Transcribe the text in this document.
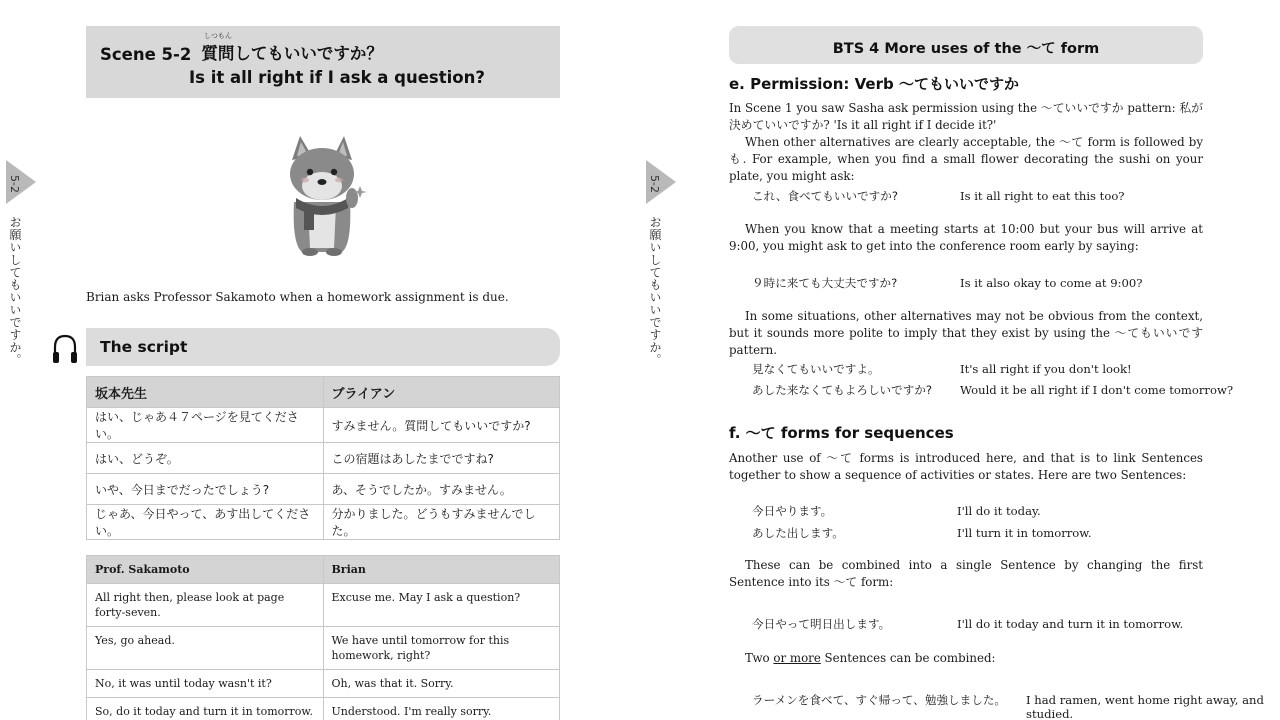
5-2
お願いしてもいいですか。
Scene 5-2
しつもん
質問 してもいいですか？
Is it all right if I ask a question?
Brian asks Professor Sakamoto when a homework assignment is due.
The script
坂本先生	ブライアン
はい、じゃあ４７ページを見てください。	すみません。質問してもいいですか?
はい、どうぞ。	この宿題はあしたまでですね?
いや、今日までだったでしょう?	あ、そうでしたか。すみません。
じゃあ、今日やって、あす出してください。	分かりました。どうもすみませんでした。
Prof. Sakamoto	Brian
All right then, please look at page forty-seven.	Excuse me. May I ask a question?
Yes, go ahead.	We have until tomorrow for this homework, right?
No, it was until today wasn't it?	Oh, was that it. Sorry.
So, do it today and turn it in tomorrow.	Understood. I'm really sorry.
5-2
お願いしてもいいですか。
BTS 4 More uses of the ～て form
e. Permission: Verb ～てもいいですか
In Scene 1 you saw Sasha ask permission using the ～ていいですか pattern: 私が決めていいですか? 'Is it all right if I decide it?'
When other alternatives are clearly acceptable, the ～て form is followed by も. For example, when you find a small flower decorating the sushi on your plate, you might ask:
これ、食べてもいいですか?	Is it all right to eat this too?
When you know that a meeting starts at 10:00 but your bus will arrive at 9:00, you might ask to get into the conference room early by saying:
９時に来ても大丈夫ですか?	Is it also okay to come at 9:00?
In some situations, other alternatives may not be obvious from the context, but it sounds more polite to imply that they exist by using the ～てもいいです pattern.
見なくてもいいですよ。	It's all right if you don't look!
あした来なくてもよろしいですか? Would it be all right if I don't come tomorrow?
f. ～て forms for sequences
Another use of ～て forms is introduced here, and that is to link Sentences together to show a sequence of activities or states. Here are two Sentences:
今日やります。	I'll do it today.
あした出します。	I'll turn it in tomorrow.
These can be combined into a single Sentence by changing the first Sentence into its ～て form:
今日やって明日出します。	I'll do it today and turn it in tomorrow.
Two or more Sentences can be combined:
ラーメンを食べて、すぐ帰って、勉強しました。 I had ramen, went home right away, and studied.
